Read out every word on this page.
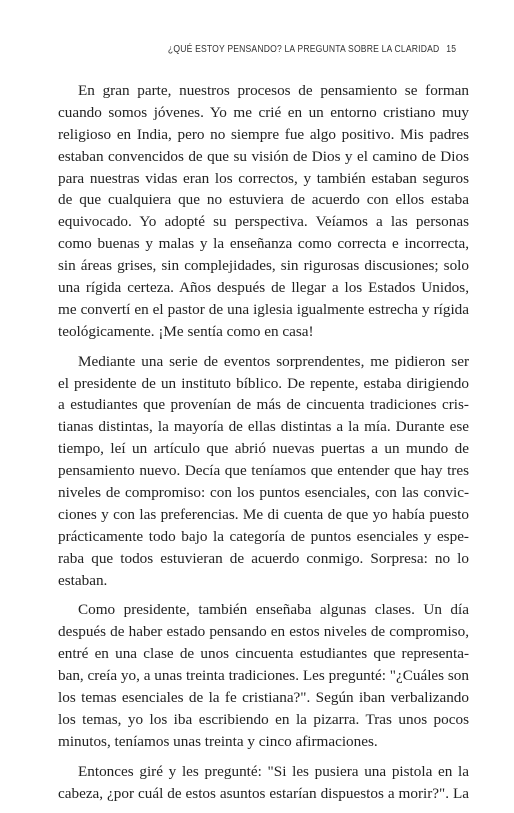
¿QUÉ ESTOY PENSANDO? LA PREGUNTA SOBRE LA CLARIDAD 15
En gran parte, nuestros procesos de pensamiento se forman
cuando somos jóvenes. Yo me crié en un entorno cristiano muy
religioso en India, pero no siempre fue algo positivo. Mis padres
estaban convencidos de que su visión de Dios y el camino de Dios
para nuestras vidas eran los correctos, y también estaban seguros
de que cualquiera que no estuviera de acuerdo con ellos estaba
equivocado. Yo adopté su perspectiva. Veíamos a las personas
como buenas y malas y la enseñanza como correcta e incorrecta,
sin áreas grises, sin complejidades, sin rigurosas discusiones; solo
una rígida certeza. Años después de llegar a los Estados Unidos,
me convertí en el pastor de una iglesia igualmente estrecha y rígida
teológicamente. ¡Me sentía como en casa!
Mediante una serie de eventos sorprendentes, me pidieron ser
el presidente de un instituto bíblico. De repente, estaba dirigiendo
a estudiantes que provenían de más de cincuenta tradiciones cris-
tianas distintas, la mayoría de ellas distintas a la mía. Durante ese
tiempo, leí un artículo que abrió nuevas puertas a un mundo de
pensamiento nuevo. Decía que teníamos que entender que hay tres
niveles de compromiso: con los puntos esenciales, con las convic-
ciones y con las preferencias. Me di cuenta de que yo había puesto
prácticamente todo bajo la categoría de puntos esenciales y espe-
raba que todos estuvieran de acuerdo conmigo. Sorpresa: no lo
estaban.
Como presidente, también enseñaba algunas clases. Un día
después de haber estado pensando en estos niveles de compromiso,
entré en una clase de unos cincuenta estudiantes que representa-
ban, creía yo, a unas treinta tradiciones. Les pregunté: "¿Cuáles son
los temas esenciales de la fe cristiana?". Según iban verbalizando
los temas, yo los iba escribiendo en la pizarra. Tras unos pocos
minutos, teníamos unas treinta y cinco afirmaciones.
Entonces giré y les pregunté: "Si les pusiera una pistola en la
cabeza, ¿por cuál de estos asuntos estarían dispuestos a morir?". La
